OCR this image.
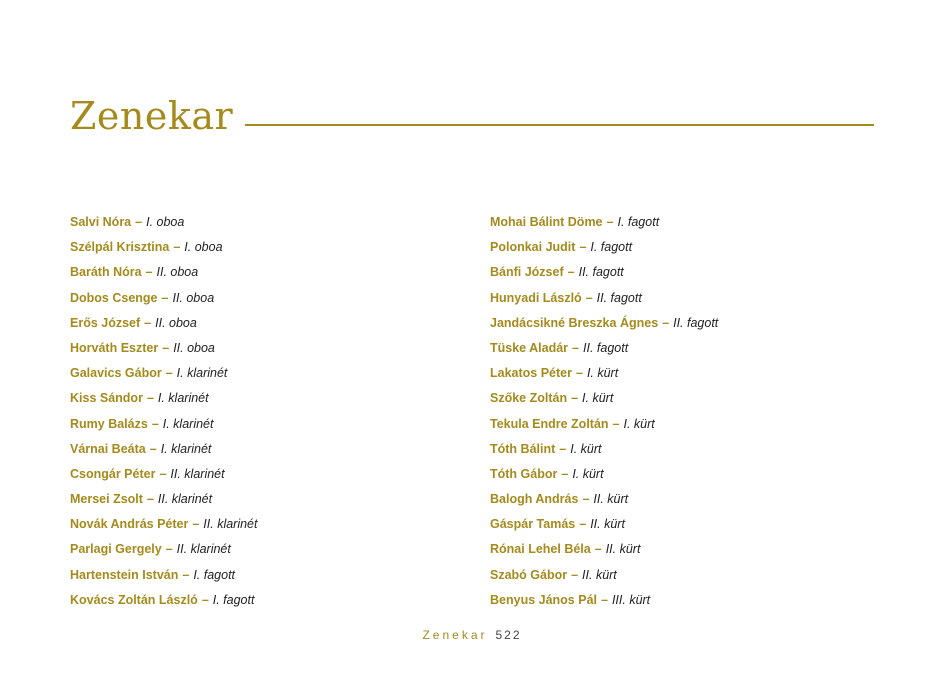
Zenekar
Salvi Nóra – I. oboa
Szélpál Krisztina – I. oboa
Baráth Nóra – II. oboa
Dobos Csenge – II. oboa
Erős József – II. oboa
Horváth Eszter – II. oboa
Galavics Gábor – I. klarinét
Kiss Sándor – I. klarinét
Rumy Balázs – I. klarinét
Várnai Beáta – I. klarinét
Csongár Péter – II. klarinét
Mersei Zsolt – II. klarinét
Novák András Péter – II. klarinét
Parlagi Gergely – II. klarinét
Hartenstein István – I. fagott
Kovács Zoltán László – I. fagott
Mohai Bálint Döme – I. fagott
Polonkai Judit – I. fagott
Bánfi József – II. fagott
Hunyadi László – II. fagott
Jandácsikné Breszka Ágnes – II. fagott
Tüske Aladár – II. fagott
Lakatos Péter – I. kürt
Szőke Zoltán – I. kürt
Tekula Endre Zoltán – I. kürt
Tóth Bálint – I. kürt
Tóth Gábor – I. kürt
Balogh András – II. kürt
Gáspár Tamás – II. kürt
Rónai Lehel Béla – II. kürt
Szabó Gábor – II. kürt
Benyus János Pál – III. kürt
Zenekar 522
